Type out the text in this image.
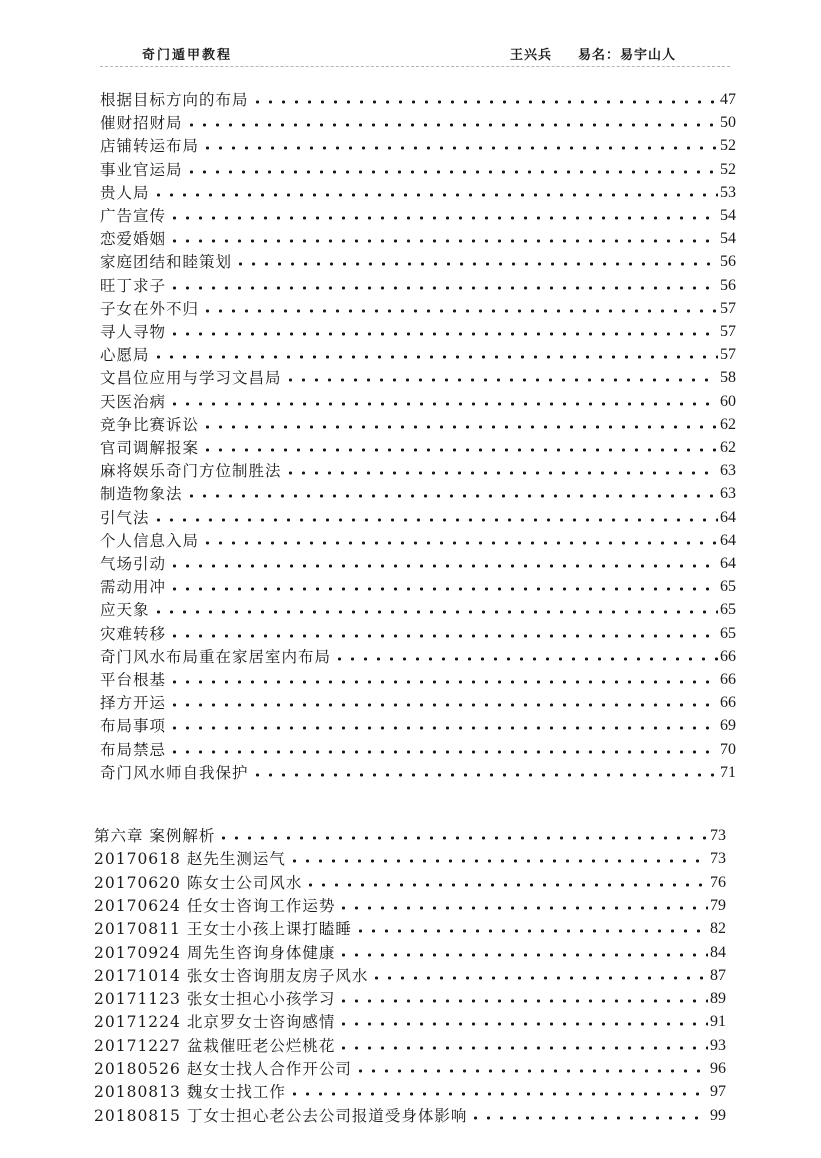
奇门遁甲教程	王兴兵 易名：易宇山人
根据目标方向的布局	47
催财招财局	50
店铺转运布局	52
事业官运局	52
贵人局	53
广告宣传	54
恋爱婚姻	54
家庭团结和睦策划	56
旺丁求子	56
子女在外不归	57
寻人寻物	57
心愿局	57
文昌位应用与学习文昌局	58
天医治病	60
竞争比赛诉讼	62
官司调解报案	62
麻将娱乐奇门方位制胜法	63
制造物象法	63
引气法	64
个人信息入局	64
气场引动	64
需动用冲	65
应天象	65
灾难转移	65
奇门风水布局重在家居室内布局	66
平台根基	66
择方开运	66
布局事项	69
布局禁忌	70
奇门风水师自我保护	71
第六章 案例解析	73
20170618 赵先生测运气	73
20170620 陈女士公司风水	76
20170624 任女士咨询工作运势	79
20170811 王女士小孩上课打瞌睡	82
20170924 周先生咨询身体健康	84
20171014 张女士咨询朋友房子风水	87
20171123 张女士担心小孩学习	89
20171224 北京罗女士咨询感情	91
20171227 盆栽催旺老公烂桃花	93
20180526 赵女士找人合作开公司	96
20180813 魏女士找工作	97
20180815 丁女士担心老公去公司报道受身体影响	99
